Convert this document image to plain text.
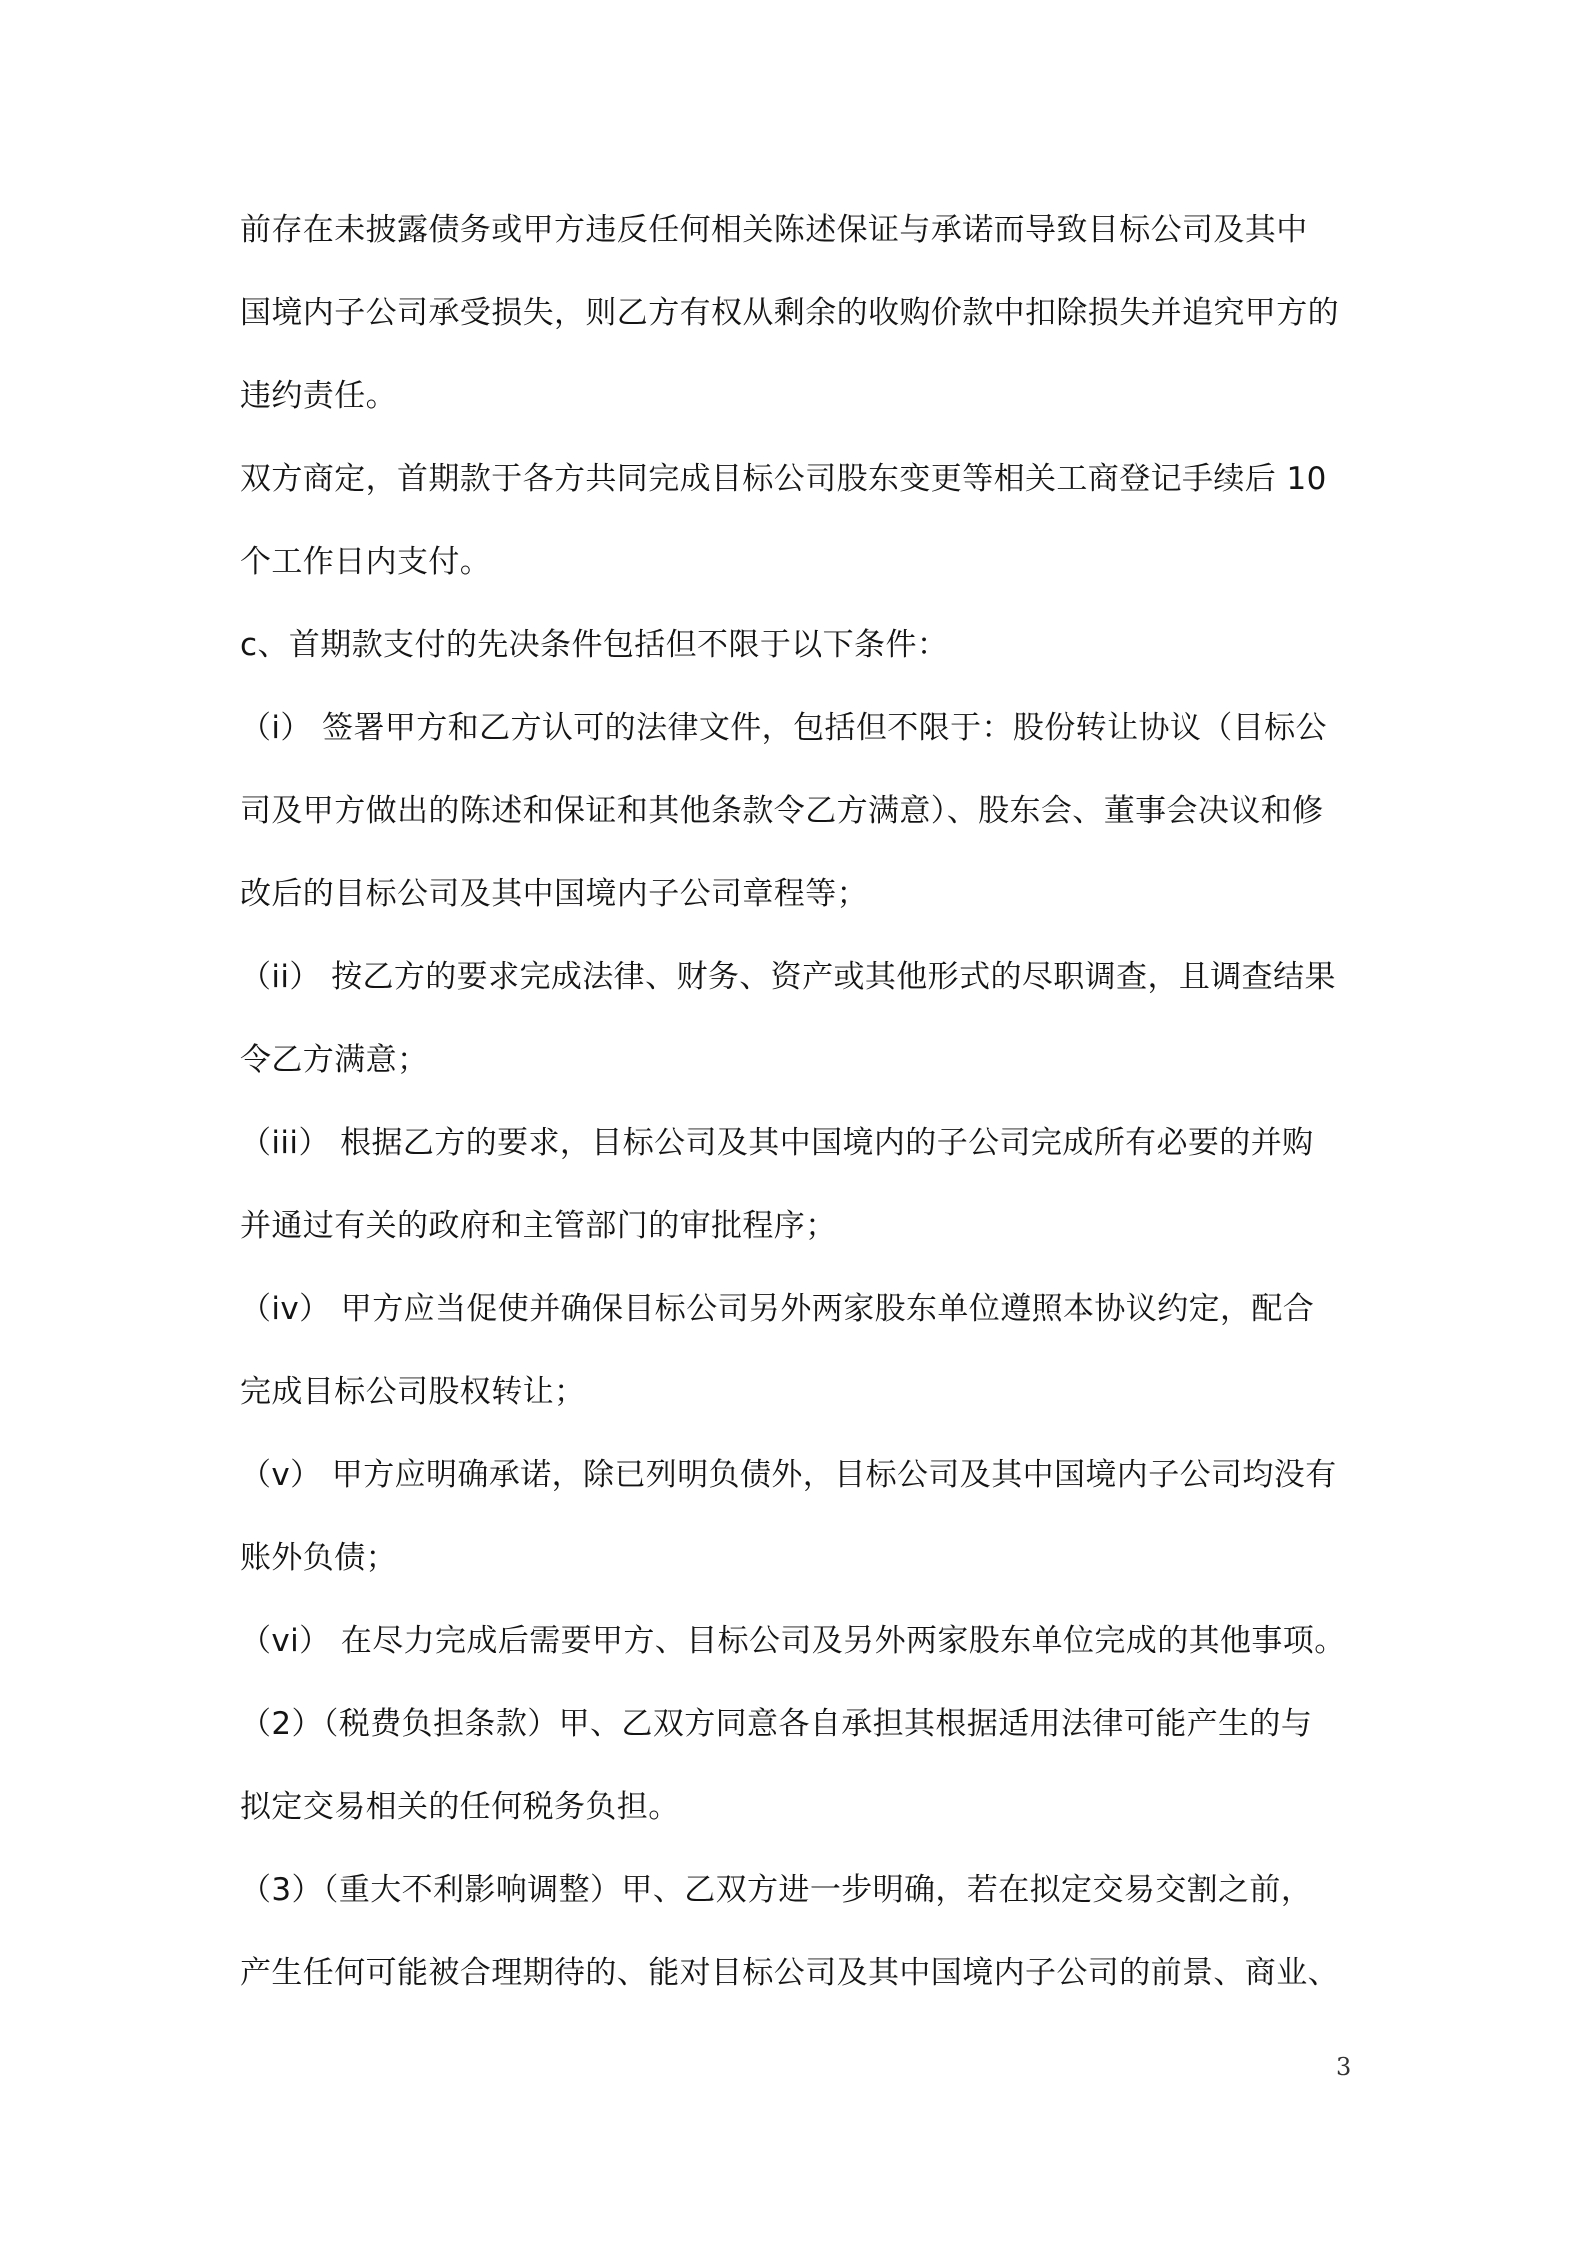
前存在未披露债务或甲方违反任何相关陈述保证与承诺而导致目标公司及其中
国境内子公司承受损失，则乙方有权从剩余的收购价款中扣除损失并追究甲方的
违约责任。
双方商定，首期款于各方共同完成目标公司股东变更等相关工商登记手续后 10
个工作日内支付。
c、首期款支付的先决条件包括但不限于以下条件：
（i） 签署甲方和乙方认可的法律文件，包括但不限于：股份转让协议（目标公
司及甲方做出的陈述和保证和其他条款令乙方满意）、股东会、董事会决议和修
改后的目标公司及其中国境内子公司章程等；
（ii） 按乙方的要求完成法律、财务、资产或其他形式的尽职调查，且调查结果
令乙方满意；
（iii） 根据乙方的要求，目标公司及其中国境内的子公司完成所有必要的并购
并通过有关的政府和主管部门的审批程序；
（iv） 甲方应当促使并确保目标公司另外两家股东单位遵照本协议约定，配合
完成目标公司股权转让；
（v） 甲方应明确承诺，除已列明负债外，目标公司及其中国境内子公司均没有
账外负债；
（vi） 在尽力完成后需要甲方、目标公司及另外两家股东单位完成的其他事项。
（2）（税费负担条款）甲、乙双方同意各自承担其根据适用法律可能产生的与
拟定交易相关的任何税务负担。
（3）（重大不利影响调整）甲、乙双方进一步明确，若在拟定交易交割之前，
产生任何可能被合理期待的、能对目标公司及其中国境内子公司的前景、商业、
3
